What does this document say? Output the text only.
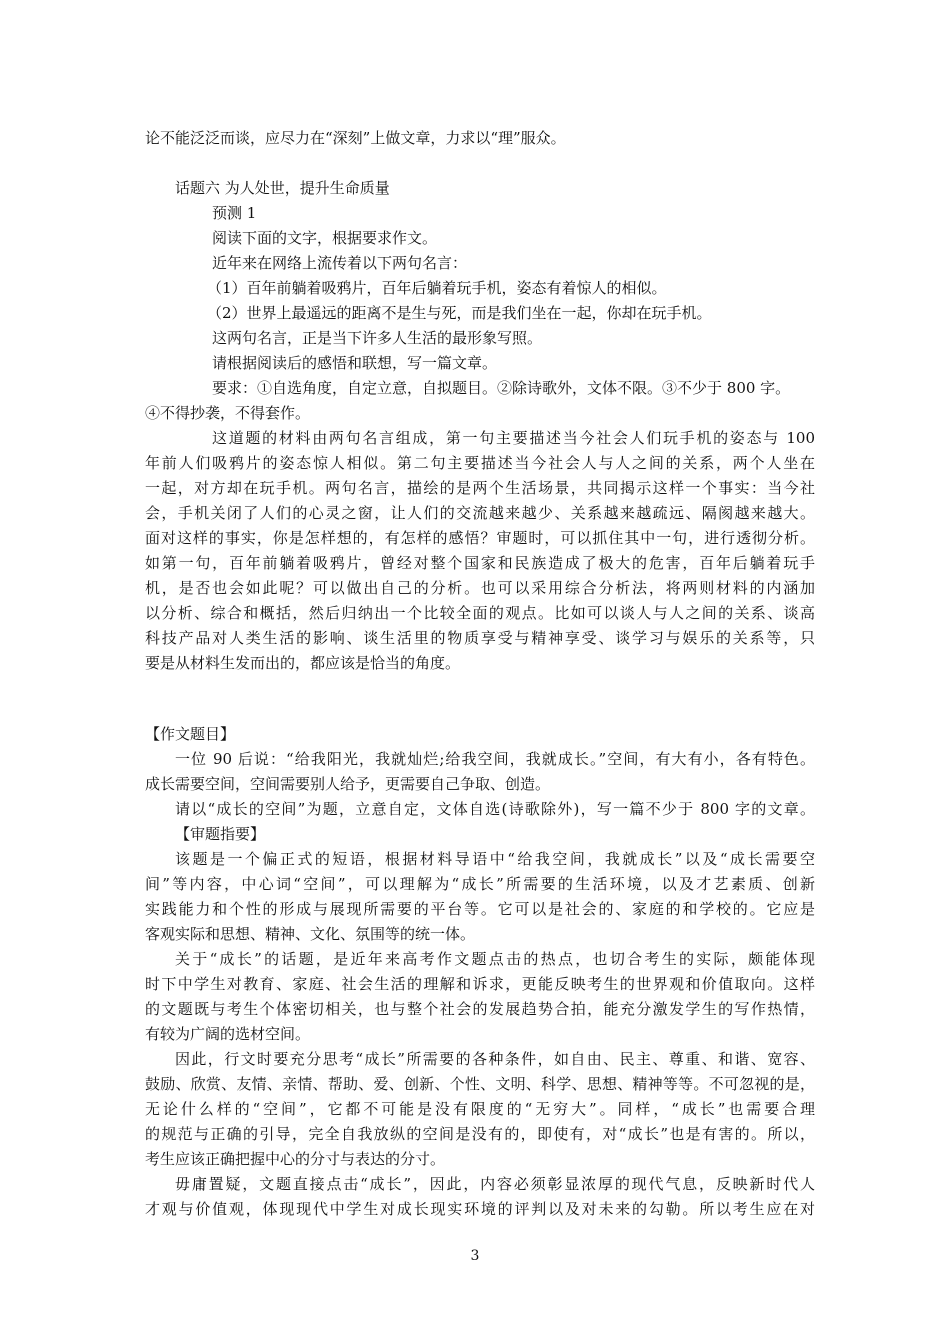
论不能泛泛而谈，应尽力在“深刻”上做文章，力求以“理”服众。
话题六 为人处世，提升生命质量
预测 1
阅读下面的文字，根据要求作文。
近年来在网络上流传着以下两句名言：
（1）百年前躺着吸鸦片，百年后躺着玩手机，姿态有着惊人的相似。
（2）世界上最遥远的距离不是生与死，而是我们坐在一起，你却在玩手机。
这两句名言，正是当下许多人生活的最形象写照。
请根据阅读后的感悟和联想，写一篇文章。
要求：①自选角度，自定立意，自拟题目。②除诗歌外，文体不限。③不少于 800 字。
④不得抄袭，不得套作。
这道题的材料由两句名言组成，第一句主要描述当今社会人们玩手机的姿态与 100
年前人们吸鸦片的姿态惊人相似。第二句主要描述当今社会人与人之间的关系，两个人坐在
一起，对方却在玩手机。两句名言，描绘的是两个生活场景，共同揭示这样一个事实：当今社
会，手机关闭了人们的心灵之窗，让人们的交流越来越少、关系越来越疏远、隔阂越来越大。
面对这样的事实，你是怎样想的，有怎样的感悟？审题时，可以抓住其中一句，进行透彻分析。
如第一句，百年前躺着吸鸦片，曾经对整个国家和民族造成了极大的危害，百年后躺着玩手
机，是否也会如此呢？可以做出自己的分析。也可以采用综合分析法，将两则材料的内涵加
以分析、综合和概括，然后归纳出一个比较全面的观点。比如可以谈人与人之间的关系、谈高
科技产品对人类生活的影响、谈生活里的物质享受与精神享受、谈学习与娱乐的关系等，只
要是从材料生发而出的，都应该是恰当的角度。
【作文题目】
一位 90 后说：“给我阳光，我就灿烂;给我空间，我就成长。”空间，有大有小，各有特色。
成长需要空间，空间需要别人给予，更需要自己争取、创造。
请以“成长的空间”为题，立意自定，文体自选(诗歌除外)，写一篇不少于 800 字的文章。
【审题指要】
该题是一个偏正式的短语，根据材料导语中“给我空间，我就成长”以及“成长需要空
间”等内容，中心词“空间”，可以理解为“成长”所需要的生活环境，以及才艺素质、创新
实践能力和个性的形成与展现所需要的平台等。它可以是社会的、家庭的和学校的。它应是
客观实际和思想、精神、文化、氛围等的统一体。
关于“成长”的话题，是近年来高考作文题点击的热点，也切合考生的实际，颇能体现
时下中学生对教育、家庭、社会生活的理解和诉求，更能反映考生的世界观和价值取向。这样
的文题既与考生个体密切相关，也与整个社会的发展趋势合拍，能充分激发学生的写作热情，
有较为广阔的选材空间。
因此，行文时要充分思考“成长”所需要的各种条件，如自由、民主、尊重、和谐、宽容、
鼓励、欣赏、友情、亲情、帮助、爱、创新、个性、文明、科学、思想、精神等等。不可忽视的是，
无论什么样的“空间”，它都不可能是没有限度的“无穷大”。同样，“成长”也需要合理
的规范与正确的引导，完全自我放纵的空间是没有的，即使有，对“成长”也是有害的。所以，
考生应该正确把握中心的分寸与表达的分寸。
毋庸置疑，文题直接点击“成长”，因此，内容必须彰显浓厚的现代气息，反映新时代人
才观与价值观，体现现代中学生对成长现实环境的评判以及对未来的勾勒。所以考生应在对
3
